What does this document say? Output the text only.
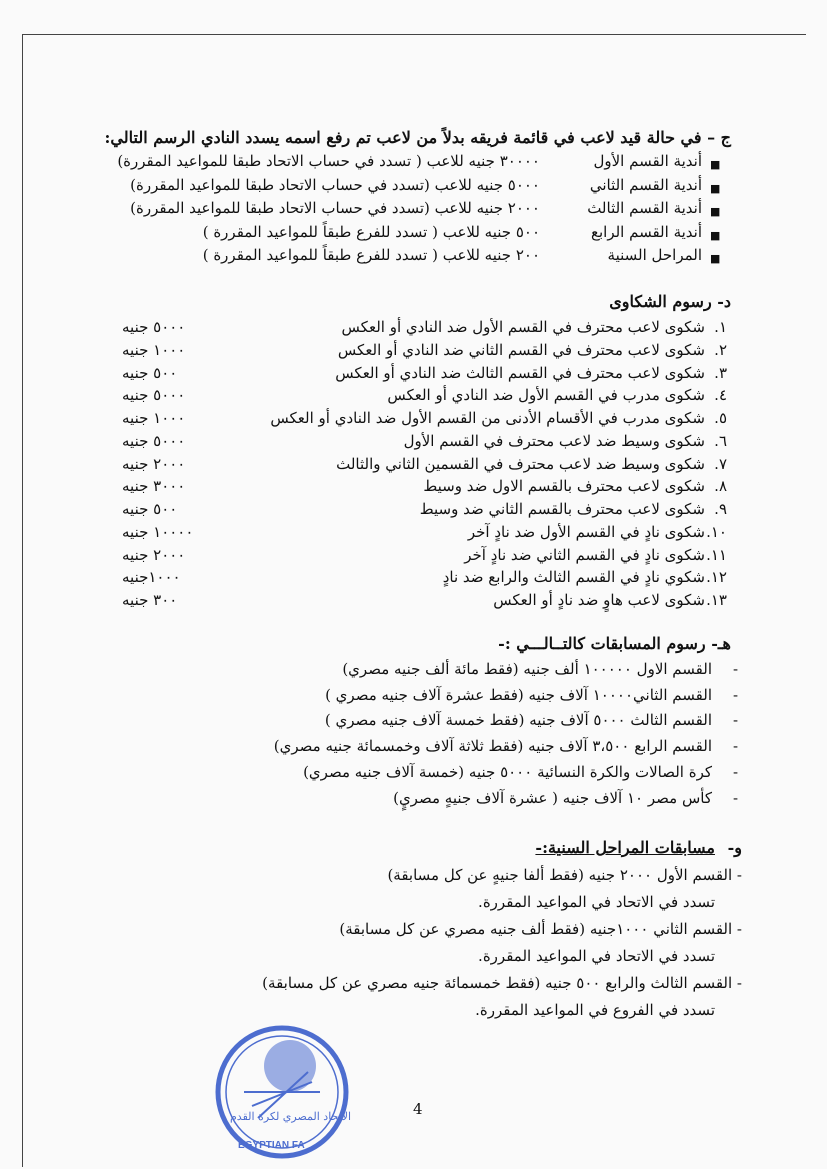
ج – في حالة قيد لاعب في قائمة فريقه بدلاً من لاعب تم رفع اسمه يسدد النادي الرسم التالي:
■
أندية القسم الأول
٣٠٠٠٠ جنيه للاعب ( تسدد في حساب الاتحاد طبقا للمواعيد المقررة)
■
أندية القسم الثاني
٥٠٠٠ جنيه للاعب (تسدد في حساب الاتحاد طبقا للمواعيد المقررة)
■
أندية القسم الثالث
٢٠٠٠ جنيه للاعب (تسدد في حساب الاتحاد طبقا للمواعيد المقررة)
■
أندية القسم الرابع
٥٠٠ جنيه للاعب ( تسدد للفرع طبقاً للمواعيد المقررة )
■
المراحل السنية
٢٠٠ جنيه للاعب ( تسدد للفرع طبقاً للمواعيد المقررة )
د- رسوم الشكاوى
١.
شكوى لاعب محترف في القسم الأول ضد النادي أو العكس
٥٠٠٠ جنيه
٢.
شكوى لاعب محترف في القسم الثاني ضد النادي أو العكس
١٠٠٠ جنيه
٣.
شكوى لاعب محترف في القسم الثالث ضد النادي أو العكس
٥٠٠ جنيه
٤.
شكوى مدرب في القسم الأول ضد النادي أو العكس
٥٠٠٠ جنيه
٥.
شكوى مدرب في الأقسام الأدنى من القسم الأول ضد النادي أو العكس
١٠٠٠ جنيه
٦.
شكوى وسيط ضد لاعب محترف في القسم الأول
٥٠٠٠ جنيه
٧.
شكوى وسيط ضد لاعب محترف في القسمين الثاني والثالث
٢٠٠٠ جنيه
٨.
شكوى لاعب محترف بالقسم الاول ضد وسيط
٣٠٠٠ جنيه
٩.
شكوى لاعب محترف بالقسم الثاني ضد وسيط
٥٠٠ جنيه
١٠.
شكوى نادٍ في القسم الأول ضد نادٍ آخر
١٠٠٠٠ جنيه
١١.
شكوى نادٍ في القسم الثاني ضد نادٍ آخر
٢٠٠٠ جنيه
١٢.
شكوي نادٍ في القسم الثالث والرابع ضد نادٍ
١٠٠٠جنيه
١٣.
شكوى لاعب هاوٍ ضد نادٍ أو العكس
٣٠٠ جنيه
هـ- رسوم المسابقات كالتــالـــي :-
-
القسم الاول ١٠٠٠٠٠ ألف جنيه (فقط مائة ألف جنيه مصري)
-
القسم الثاني١٠٠٠٠ آلاف جنيه (فقط عشرة آلاف جنيه مصري )
-
القسم الثالث ٥٠٠٠ آلاف جنيه (فقط خمسة آلاف جنيه مصري )
-
القسم الرابع ٣،٥٠٠ آلاف جنيه (فقط ثلاثة آلاف وخمسمائة جنيه مصري)
-
كرة الصالات والكرة النسائية ٥٠٠٠ جنيه (خمسة آلاف جنيه مصري)
-
كأس مصر ١٠ آلاف جنيه ( عشرة آلاف جنيهٍ مصريٍ)
و-
مسابقات المراحل السنية:-
- القسم الأول ٢٠٠٠ جنيه (فقط ألفا جنيهٍ عن كل مسابقة)
تسدد في الاتحاد في المواعيد المقررة.
- القسم الثاني ١٠٠٠جنيه (فقط ألف جنيه مصري عن كل مسابقة)
تسدد في الاتحاد في المواعيد المقررة.
- القسم الثالث والرابع ٥٠٠ جنيه (فقط خمسمائة جنيه مصري عن كل مسابقة)
تسدد في الفروع في المواعيد المقررة.
الاتحاد المصري لكرة القدم
EGYPTIAN FA
4
